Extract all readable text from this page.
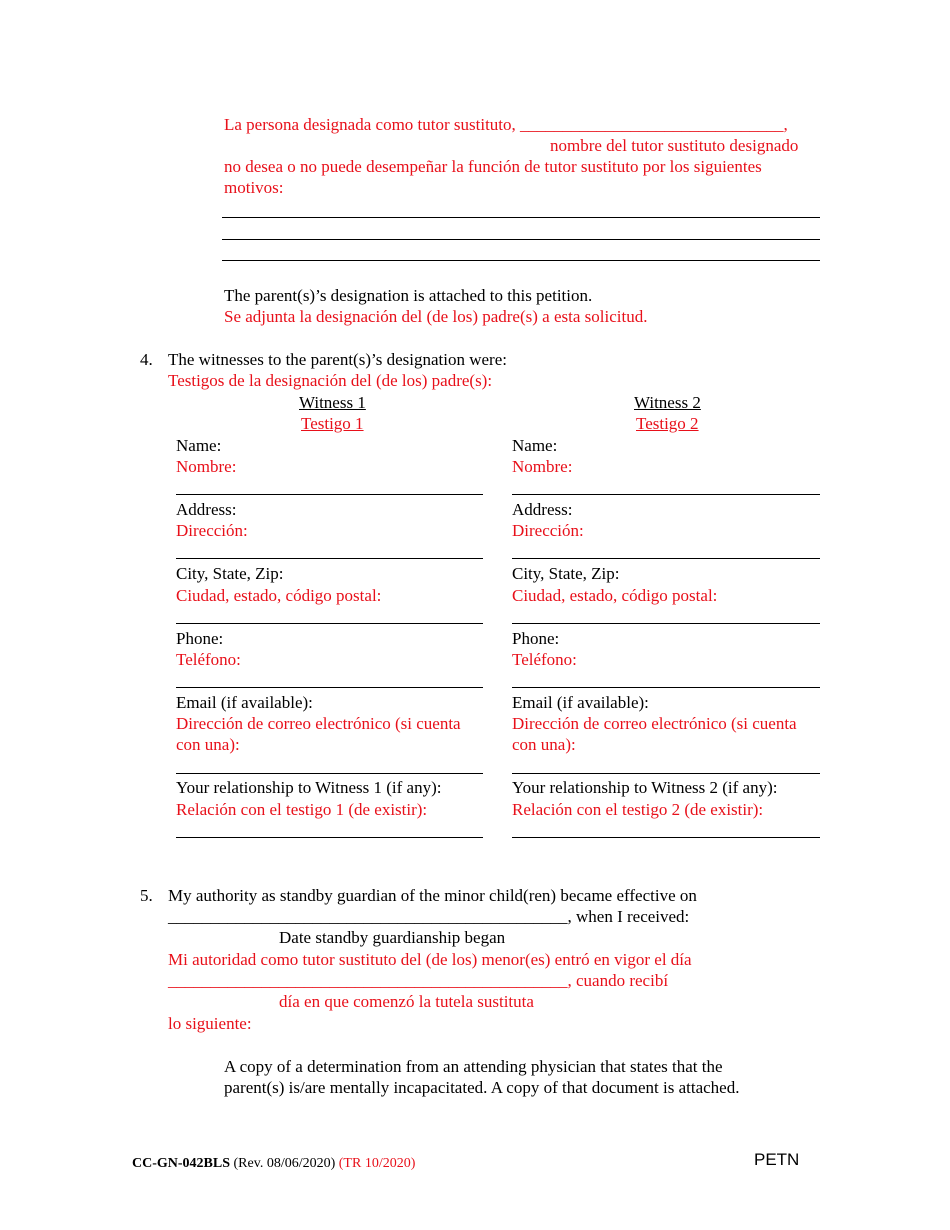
La persona designada como tutor sustituto, _______________________________,
nombre del tutor sustituto designado
no desea o no puede desempeñar la función de tutor sustituto por los siguientes
motivos:
The parent(s)’s designation is attached to this petition.
Se adjunta la designación del (de los) padre(s) a esta solicitud.
4. The witnesses to the parent(s)’s designation were:
Testigos de la designación del (de los) padre(s):
Witness 1
Testigo 1
Name:
Nombre:
Address:
Dirección:
City, State, Zip:
Ciudad, estado, código postal:
Phone:
Teléfono:
Email (if available):
Dirección de correo electrónico (si cuenta
con una):
Your relationship to Witness 1 (if any):
Relación con el testigo 1 (de existir):
Witness 2
Testigo 2
Name:
Nombre:
Address:
Dirección:
City, State, Zip:
Ciudad, estado, código postal:
Phone:
Teléfono:
Email (if available):
Dirección de correo electrónico (si cuenta
con una):
Your relationship to Witness 2 (if any):
Relación con el testigo 2 (de existir):
5. My authority as standby guardian of the minor child(ren) became effective on
_______________________________________________, when I received:
Date standby guardianship began
Mi autoridad como tutor sustituto del (de los) menor(es) entró en vigor el día
_______________________________________________, cuando recibí
día en que comenzó la tutela sustituta
lo siguiente:
A copy of a determination from an attending physician that states that the
parent(s) is/are mentally incapacitated. A copy of that document is attached.
CC-GN-042BLS (Rev. 08/06/2020) (TR 10/2020)	PETN
